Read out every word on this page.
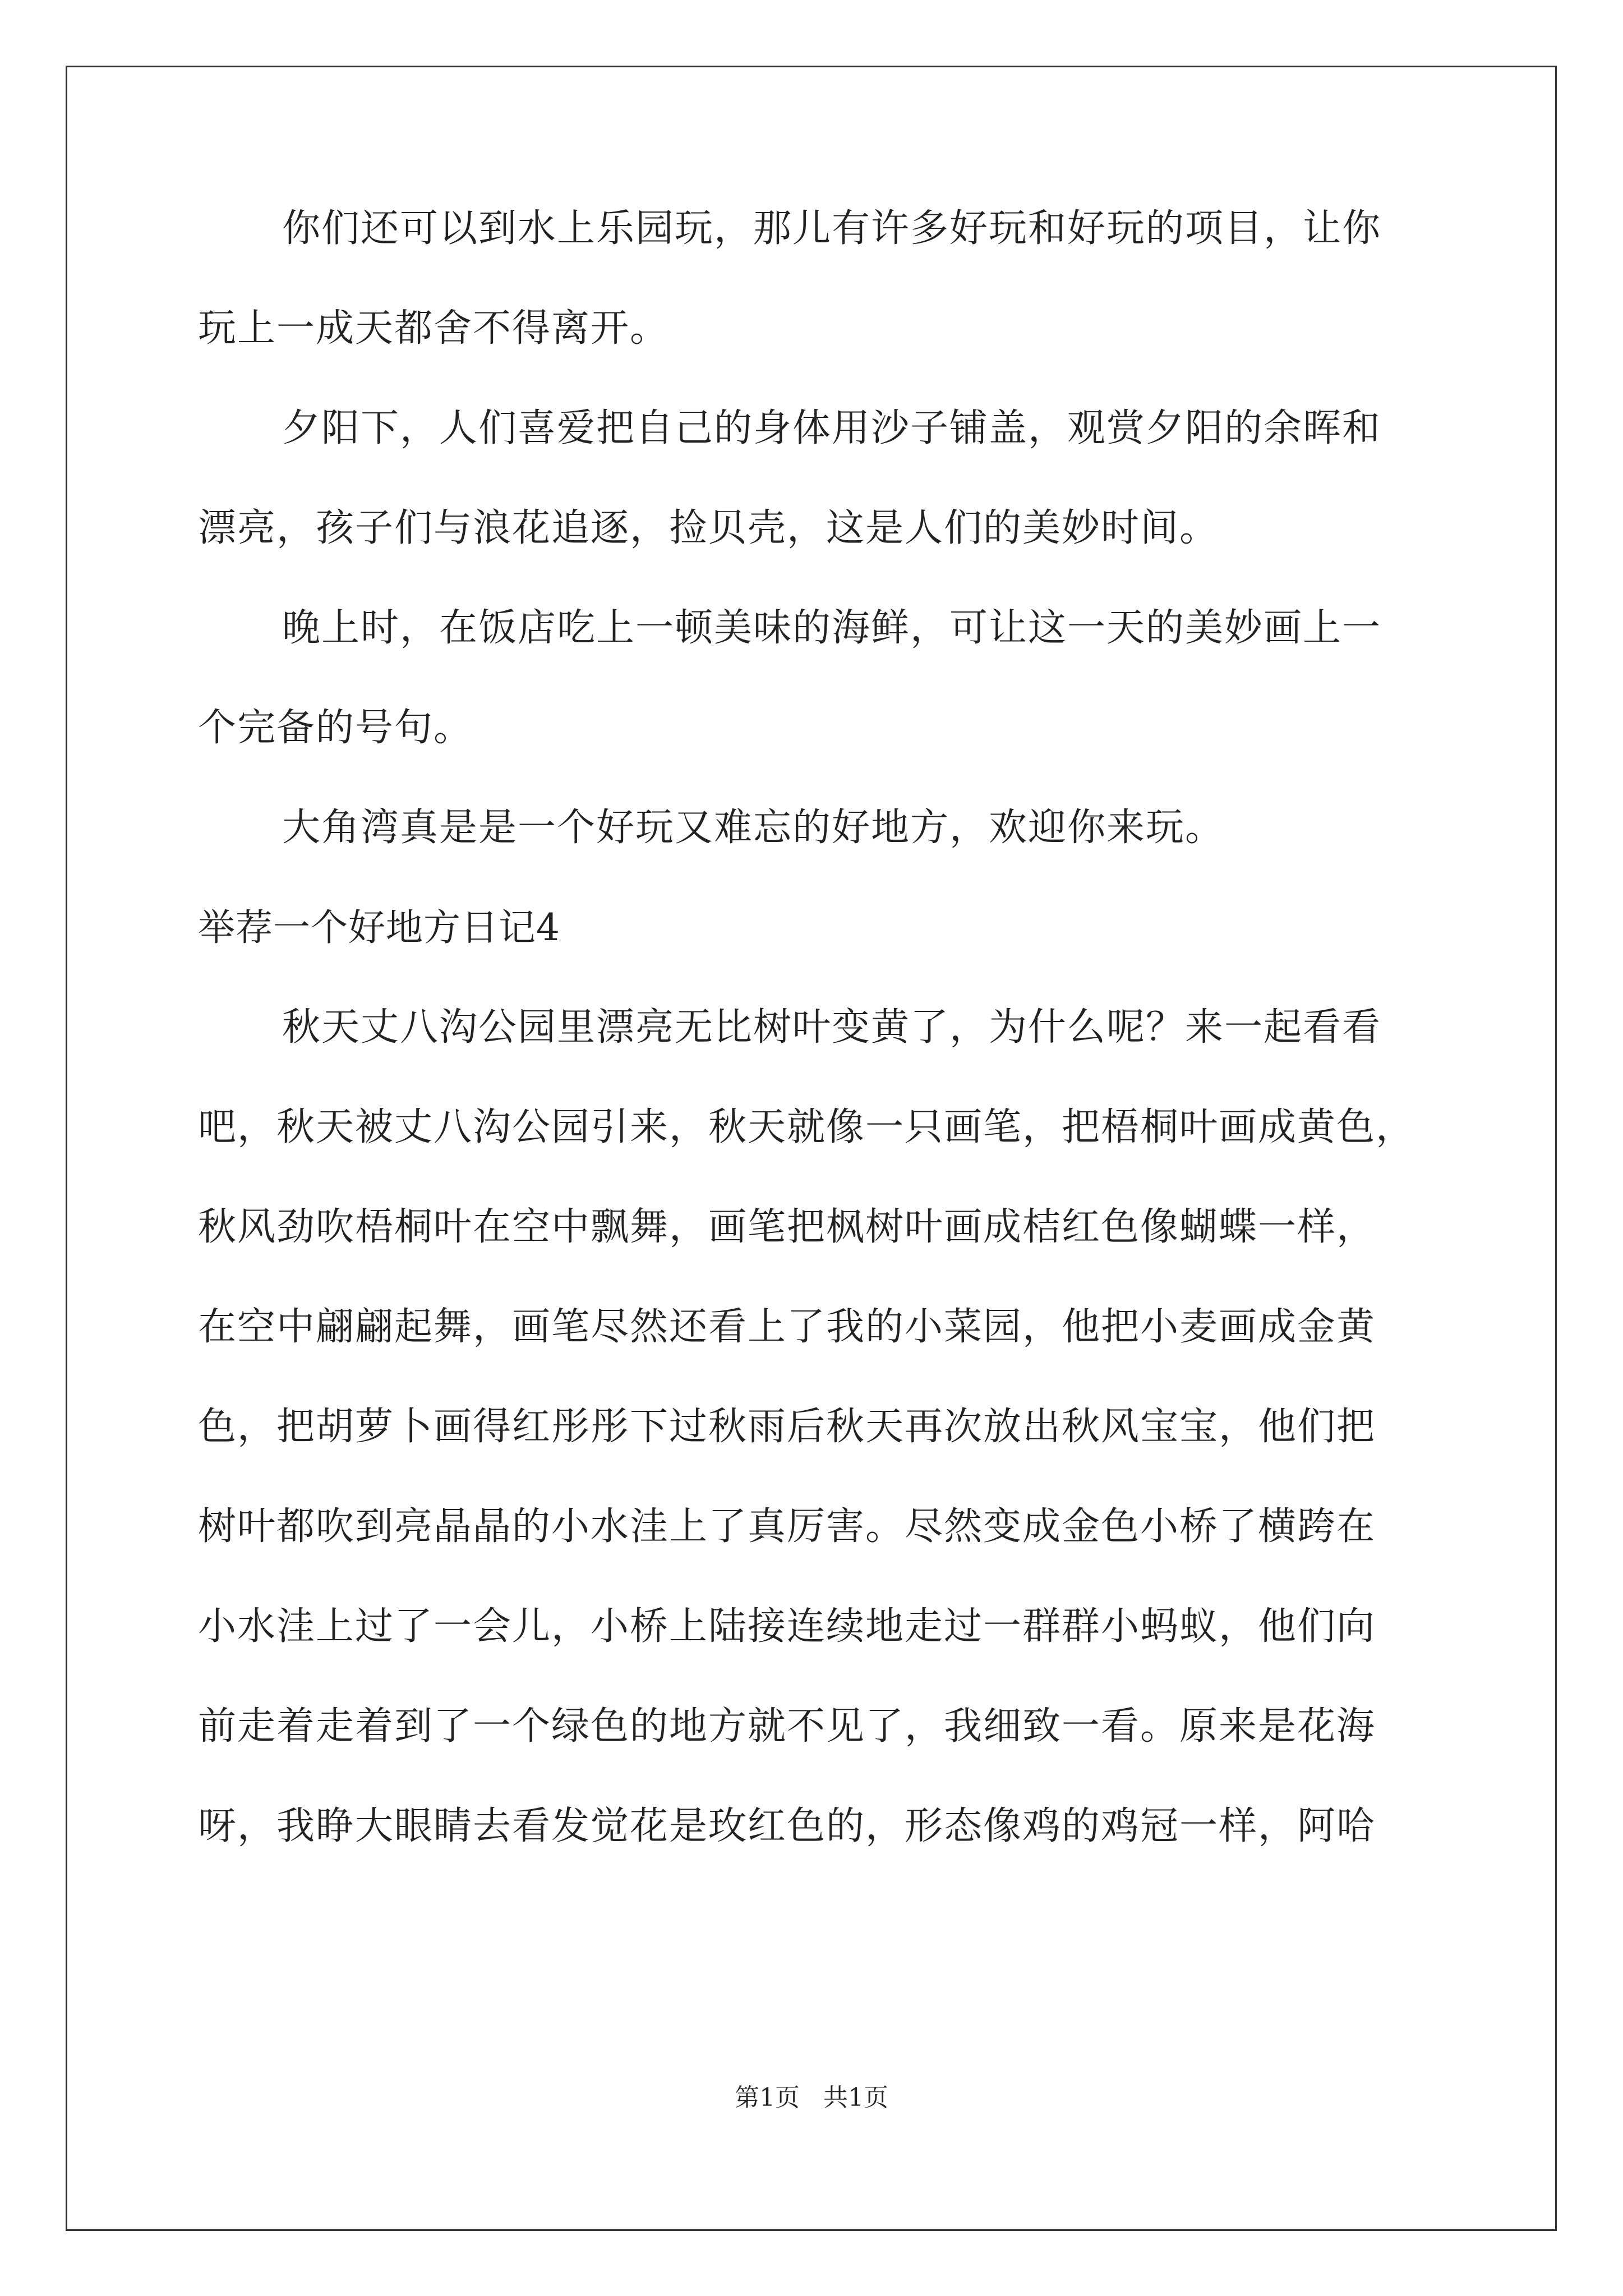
你们还可以到水上乐园玩，那儿有许多好玩和好玩的项目，让你
玩上一成天都舍不得离开。
夕阳下，人们喜爱把自己的身体用沙子铺盖，观赏夕阳的余晖和
漂亮，孩子们与浪花追逐，捡贝壳，这是人们的美妙时间。
晚上时，在饭店吃上一顿美味的海鲜，可让这一天的美妙画上一
个完备的号句。
大角湾真是是一个好玩又难忘的好地方，欢迎你来玩。
举荐一个好地方日记4
秋天丈八沟公园里漂亮无比树叶变黄了，为什么呢？来一起看看
吧，秋天被丈八沟公园引来，秋天就像一只画笔，把梧桐叶画成黄色，
秋风劲吹梧桐叶在空中飘舞，画笔把枫树叶画成桔红色像蝴蝶一样，
在空中翩翩起舞，画笔尽然还看上了我的小菜园，他把小麦画成金黄
色，把胡萝卜画得红彤彤下过秋雨后秋天再次放出秋风宝宝，他们把
树叶都吹到亮晶晶的小水洼上了真厉害。尽然变成金色小桥了横跨在
小水洼上过了一会儿，小桥上陆接连续地走过一群群小蚂蚁，他们向
前走着走着到了一个绿色的地方就不见了，我细致一看。原来是花海
呀，我睁大眼睛去看发觉花是玫红色的，形态像鸡的鸡冠一样，阿哈
第1页   共1页
